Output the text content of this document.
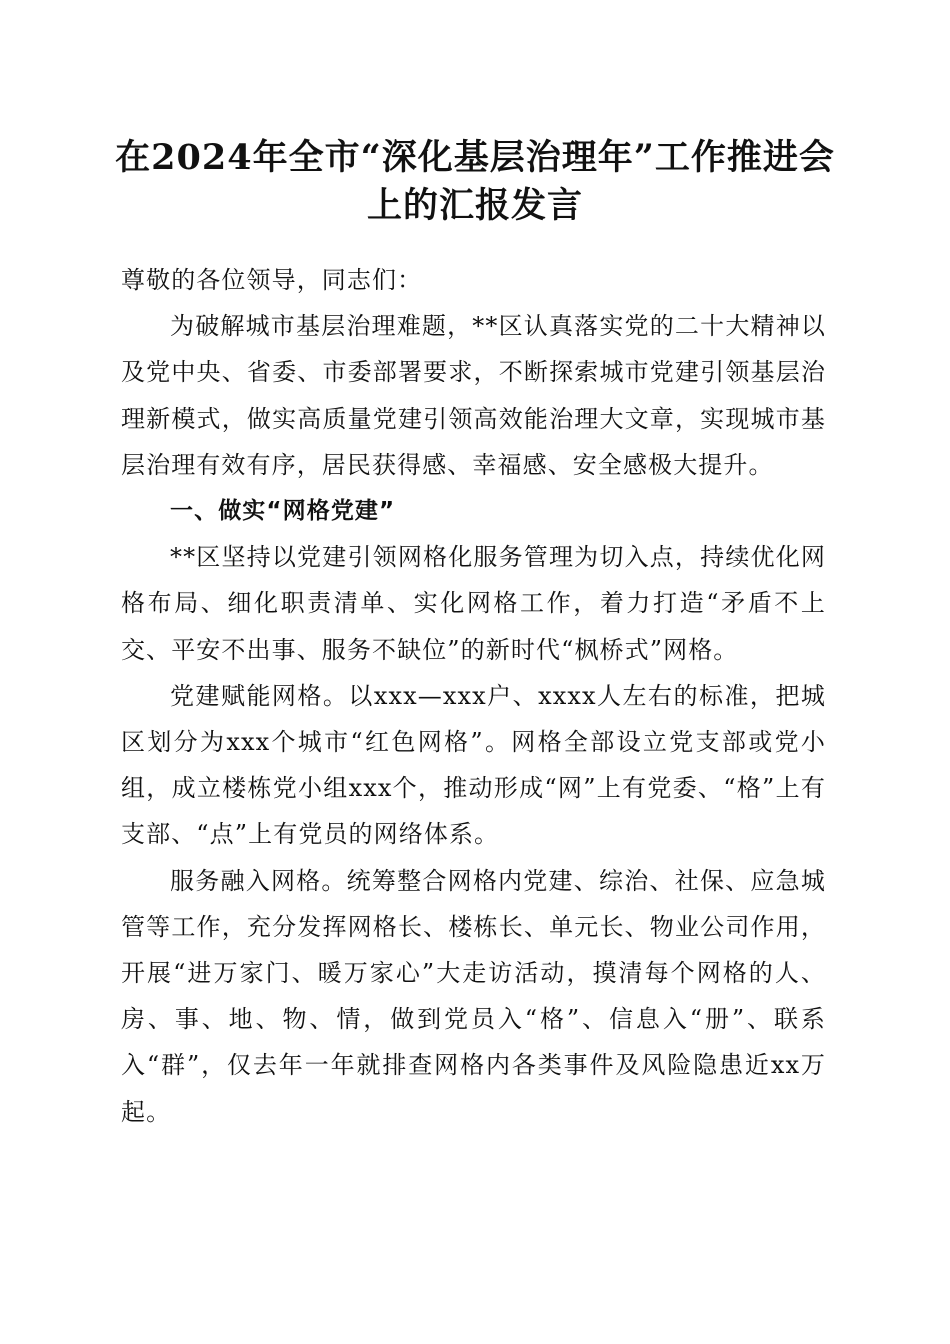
在2024年全市“深化基层治理年”工作推进会上的汇报发言

尊敬的各位领导，同志们：

为破解城市基层治理难题，**区认真落实党的二十大精神以及党中央、省委、市委部署要求，不断探索城市党建引领基层治理新模式，做实高质量党建引领高效能治理大文章，实现城市基层治理有效有序，居民获得感、幸福感、安全感极大提升。

一、做实“网格党建”

**区坚持以党建引领网格化服务管理为切入点，持续优化网格布局、细化职责清单、实化网格工作，着力打造“矛盾不上交、平安不出事、服务不缺位”的新时代“枫桥式”网格。

党建赋能网格。以xxx—xxx户、xxxx人左右的标准，把城区划分为xxx个城市“红色网格”。网格全部设立党支部或党小组，成立楼栋党小组xxx个，推动形成“网”上有党委、“格”上有支部、“点”上有党员的网络体系。

服务融入网格。统筹整合网格内党建、综治、社保、应急城管等工作，充分发挥网格长、楼栋长、单元长、物业公司作用，开展“进万家门、暖万家心”大走访活动，摸清每个网格的人、房、事、地、物、情，做到党员入“格”、信息入“册”、联系入“群”，仅去年一年就排查网格内各类事件及风险隐患近xx万起。
